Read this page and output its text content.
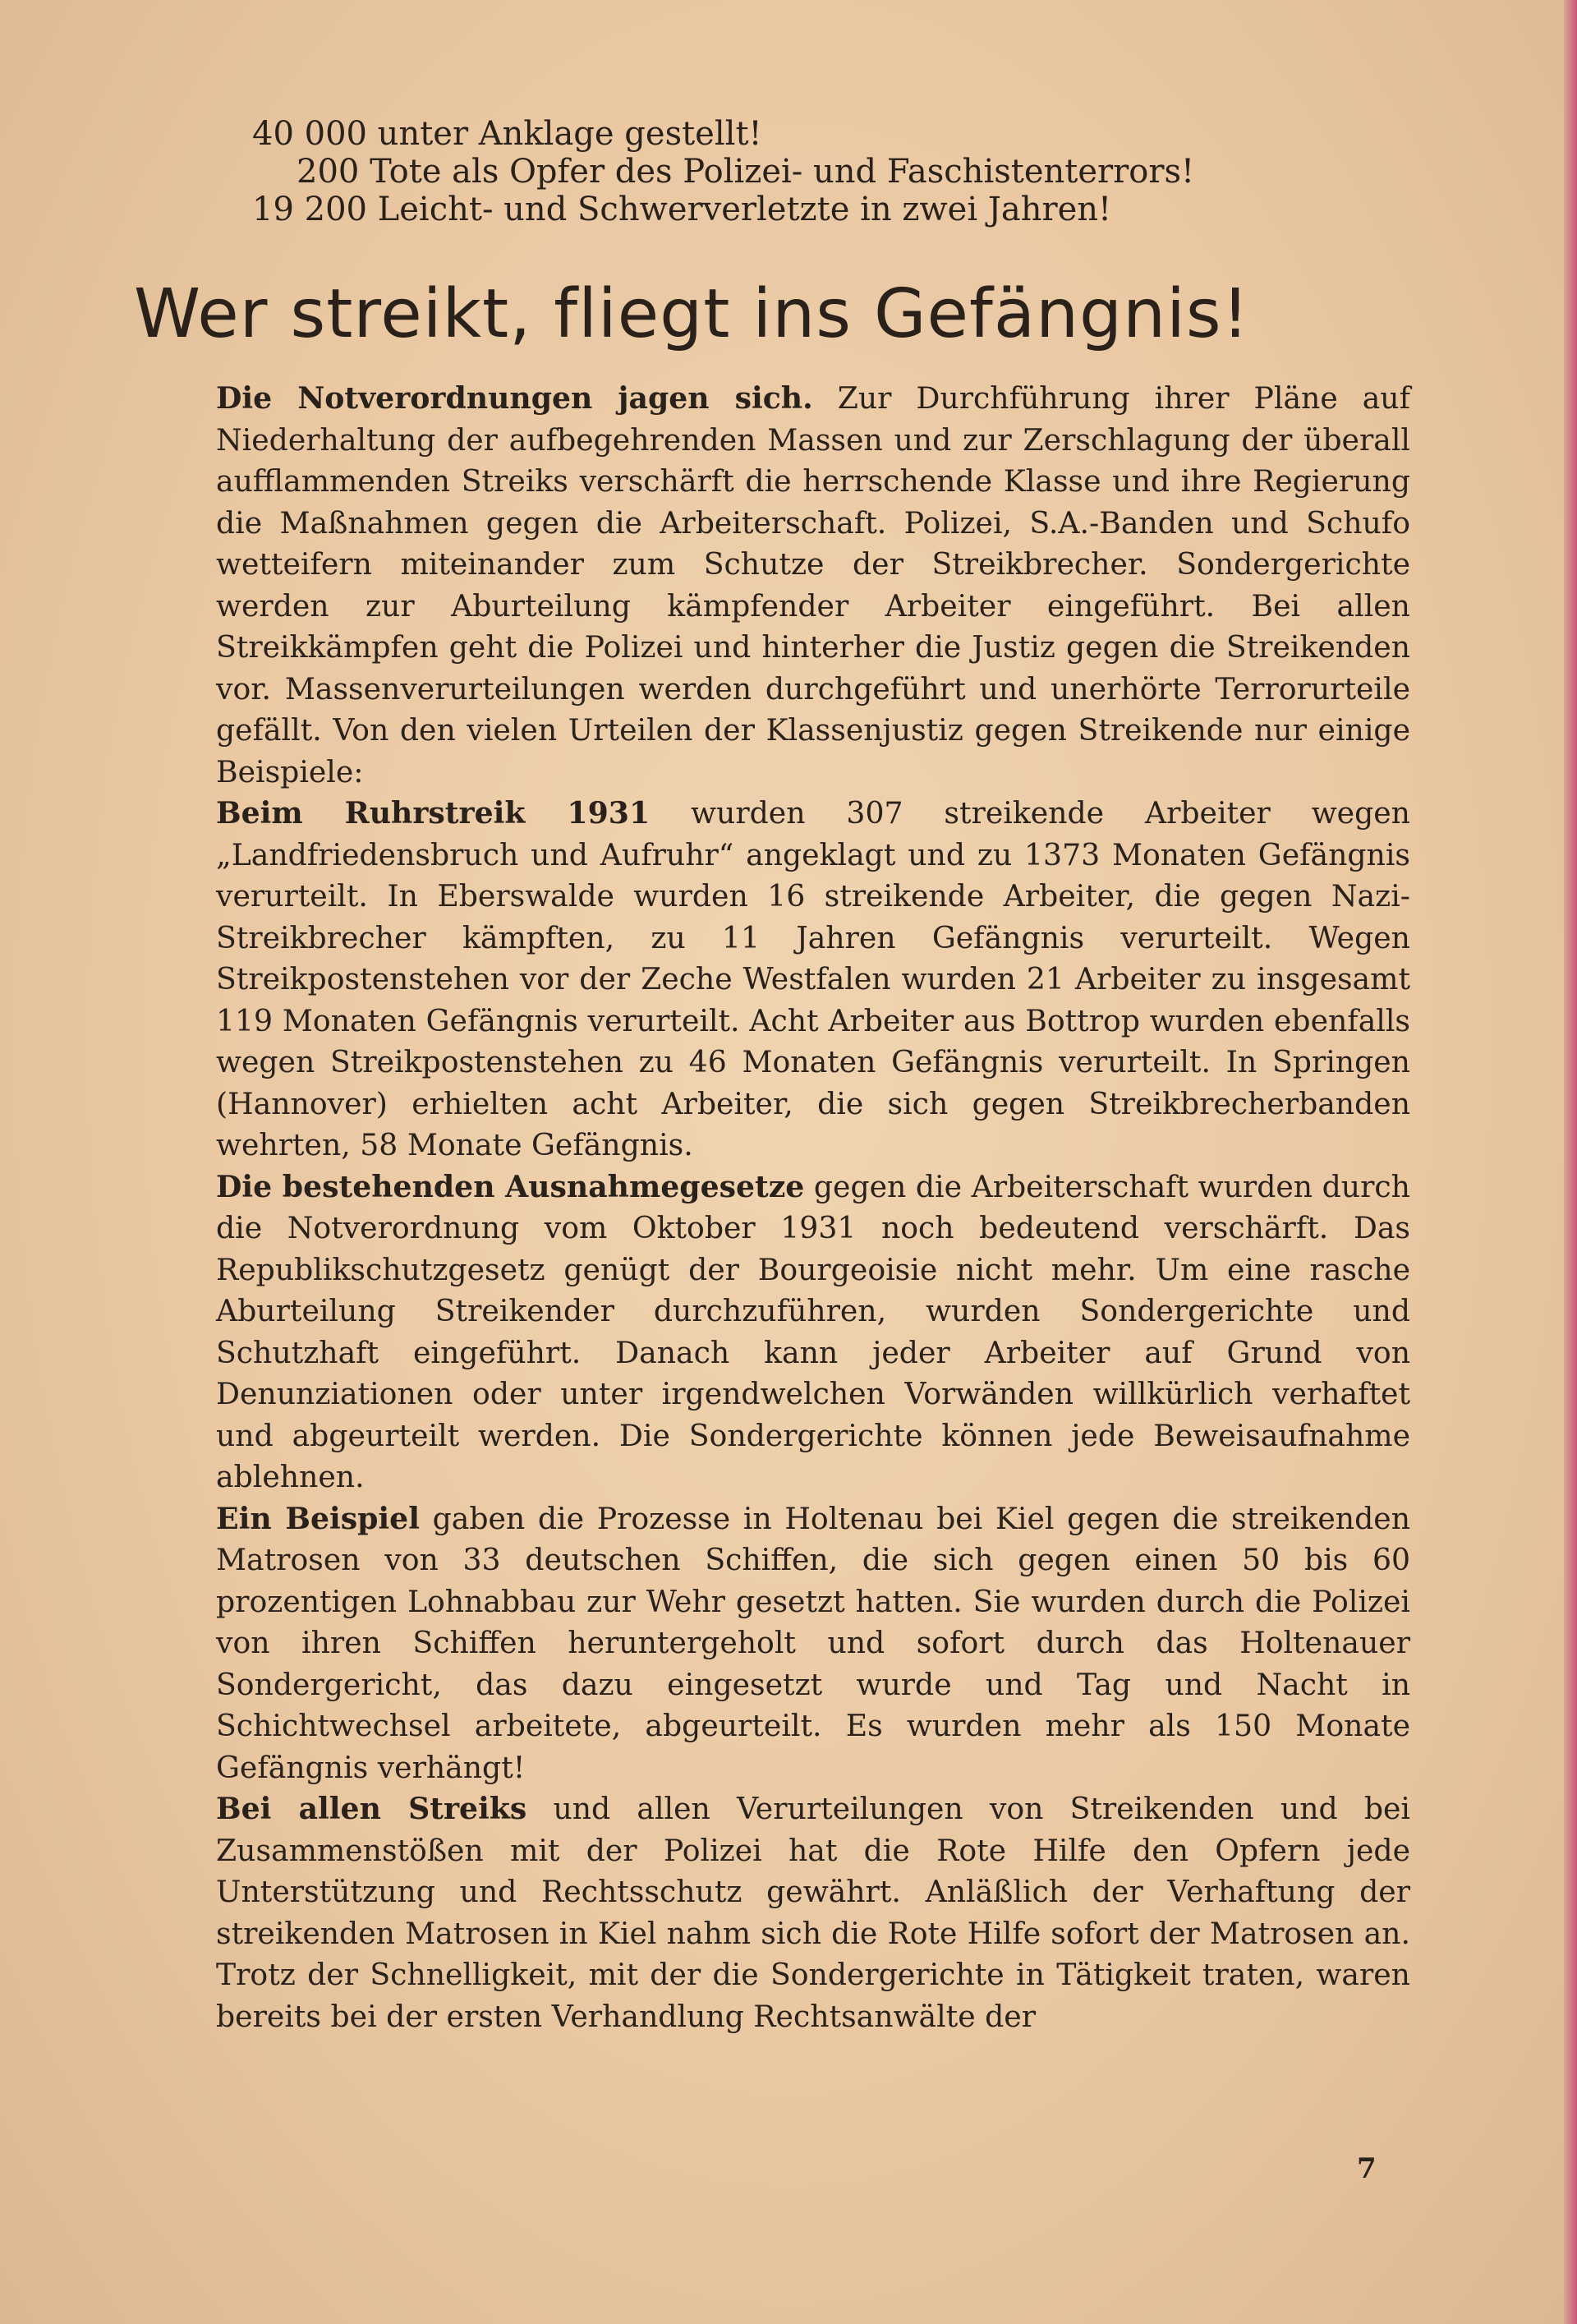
40 000 unter Anklage gestellt!
200 Tote als Opfer des Polizei- und Faschistenterrors!
19 200 Leicht- und Schwerverletzte in zwei Jahren!
Wer streikt, fliegt ins Gefängnis!

Die Notverordnungen jagen sich. Zur Durchführung ihrer Pläne auf Niederhaltung der aufbegehrenden Massen und zur Zerschlagung der überall aufflammenden Streiks verschärft die herrschende Klasse und ihre Regierung die Maßnahmen gegen die Arbeiterschaft. Polizei, S.A.-Banden und Schufo wetteifern miteinander zum Schutze der Streikbrecher. Sondergerichte werden zur Aburteilung kämpfender Arbeiter eingeführt. Bei allen Streikkämpfen geht die Polizei und hinterher die Justiz gegen die Streikenden vor. Massenverurteilungen werden durchgeführt und unerhörte Terrorurteile gefällt. Von den vielen Urteilen der Klassenjustiz gegen Streikende nur einige Beispiele:

Beim Ruhrstreik 1931 wurden 307 streikende Arbeiter wegen „Landfriedensbruch und Aufruhr“ angeklagt und zu 1373 Monaten Gefängnis verurteilt. In Eberswalde wurden 16 streikende Arbeiter, die gegen Nazi-Streikbrecher kämpften, zu 11 Jahren Gefängnis verurteilt. Wegen Streikpostenstehen vor der Zeche Westfalen wurden 21 Arbeiter zu insgesamt 119 Monaten Gefängnis verurteilt. Acht Arbeiter aus Bottrop wurden ebenfalls wegen Streikpostenstehen zu 46 Monaten Gefängnis verurteilt. In Springen (Hannover) erhielten acht Arbeiter, die sich gegen Streikbrecherbanden wehrten, 58 Monate Gefängnis.

Die bestehenden Ausnahmegesetze gegen die Arbeiterschaft wurden durch die Notverordnung vom Oktober 1931 noch bedeutend verschärft. Das Republikschutzgesetz genügt der Bourgeoisie nicht mehr. Um eine rasche Aburteilung Streikender durchzuführen, wurden Sondergerichte und Schutzhaft eingeführt. Danach kann jeder Arbeiter auf Grund von Denunziationen oder unter irgendwelchen Vorwänden willkürlich verhaftet und abgeurteilt werden. Die Sondergerichte können jede Beweisaufnahme ablehnen.

Ein Beispiel gaben die Prozesse in Holtenau bei Kiel gegen die streikenden Matrosen von 33 deutschen Schiffen, die sich gegen einen 50 bis 60 prozentigen Lohnabbau zur Wehr gesetzt hatten. Sie wurden durch die Polizei von ihren Schiffen heruntergeholt und sofort durch das Holtenauer Sondergericht, das dazu eingesetzt wurde und Tag und Nacht in Schichtwechsel arbeitete, abgeurteilt. Es wurden mehr als 150 Monate Gefängnis verhängt!

Bei allen Streiks und allen Verurteilungen von Streikenden und bei Zusammenstößen mit der Polizei hat die Rote Hilfe den Opfern jede Unterstützung und Rechtsschutz gewährt. Anläßlich der Verhaftung der streikenden Matrosen in Kiel nahm sich die Rote Hilfe sofort der Matrosen an. Trotz der Schnelligkeit, mit der die Sondergerichte in Tätigkeit traten, waren bereits bei der ersten Verhandlung Rechtsanwälte der

7
